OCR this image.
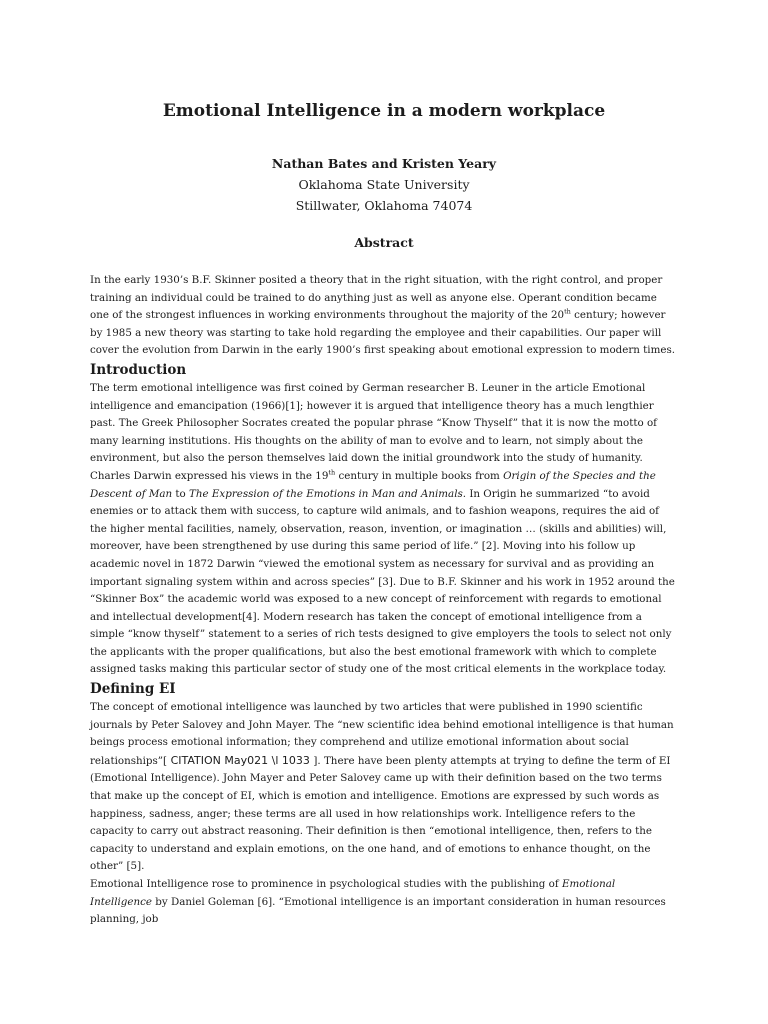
Emotional Intelligence in a modern workplace
Nathan Bates and Kristen Yeary
Oklahoma State University
Stillwater, Oklahoma 74074
Abstract

In the early 1930’s B.F. Skinner posited a theory that in the right situation, with the right control, and proper training an individual could be trained to do anything just as well as anyone else. Operant condition became one of the strongest influences in working environments throughout the majority of the 20th century; however by 1985 a new theory was starting to take hold regarding the employee and their capabilities. Our paper will cover the evolution from Darwin in the early 1900’s first speaking about emotional expression to modern times.

Introduction

The term emotional intelligence was first coined by German researcher B. Leuner in the article Emotional intelligence and emancipation (1966)[1]; however it is argued that intelligence theory has a much lengthier past. The Greek Philosopher Socrates created the popular phrase “Know Thyself” that it is now the motto of many learning institutions. His thoughts on the ability of man to evolve and to learn, not simply about the environment, but also the person themselves laid down the initial groundwork into the study of humanity. Charles Darwin expressed his views in the 19th century in multiple books from Origin of the Species and the Descent of Man to The Expression of the Emotions in Man and Animals. In Origin he summarized “to avoid enemies or to attack them with success, to capture wild animals, and to fashion weapons, requires the aid of the higher mental facilities, namely, observation, reason, invention, or imagination … (skills and abilities) will, moreover, have been strengthened by use during this same period of life.” [2]. Moving into his follow up academic novel in 1872 Darwin “viewed the emotional system as necessary for survival and as providing an important signaling system within and across species” [3]. Due to B.F. Skinner and his work in 1952 around the “Skinner Box” the academic world was exposed to a new concept of reinforcement with regards to emotional and intellectual development[4]. Modern research has taken the concept of emotional intelligence from a simple “know thyself” statement to a series of rich tests designed to give employers the tools to select not only the applicants with the proper qualifications, but also the best emotional framework with which to complete assigned tasks making this particular sector of study one of the most critical elements in the workplace today.

Defining EI

The concept of emotional intelligence was launched by two articles that were published in 1990 scientific journals by Peter Salovey and John Mayer. The “new scientific idea behind emotional intelligence is that human beings process emotional information; they comprehend and utilize emotional information about social relationships”[ CITATION May021 \l 1033 ]. There have been plenty attempts at trying to define the term of EI (Emotional Intelligence). John Mayer and Peter Salovey came up with their definition based on the two terms that make up the concept of EI, which is emotion and intelligence. Emotions are expressed by such words as happiness, sadness, anger; these terms are all used in how relationships work. Intelligence refers to the capacity to carry out abstract reasoning. Their definition is then “emotional intelligence, then, refers to the capacity to understand and explain emotions, on the one hand, and of emotions to enhance thought, on the other” [5].

Emotional Intelligence rose to prominence in psychological studies with the publishing of Emotional Intelligence by Daniel Goleman [6]. “Emotional intelligence is an important consideration in human resources planning, job
